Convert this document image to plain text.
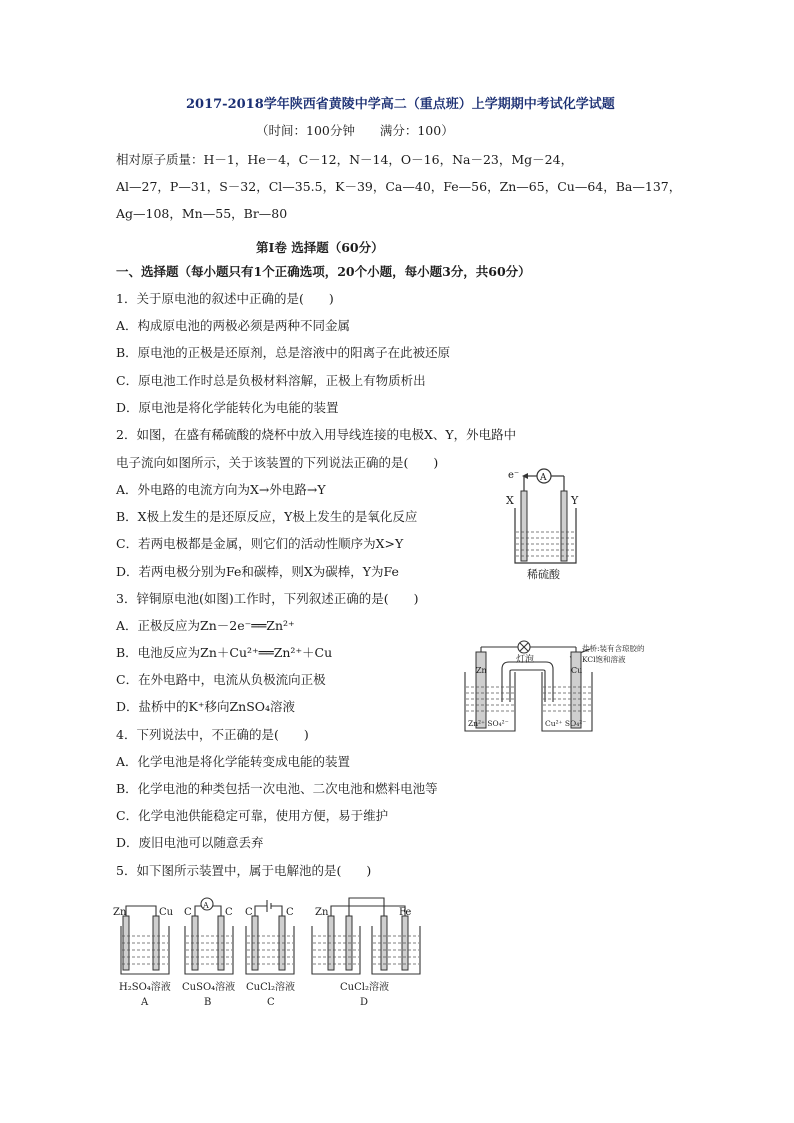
2017-2018学年陕西省黄陵中学高二（重点班）上学期期中考试化学试题
（时间：100分钟　　满分：100）
相对原子质量：H－1，He－4，C－12，N－14，O－16，Na－23，Mg－24，
Al—27，P—31，S－32，Cl—35.5，K－39，Ca—40，Fe—56，Zn—65，Cu—64，Ba—137，
Ag—108，Mn—55，Br—80
第Ⅰ卷 选择题（60分）
一、选择题（每小题只有1个正确选项，20个小题，每小题3分，共60分）
1．关于原电池的叙述中正确的是(　　)
A．构成原电池的两极必须是两种不同金属
B．原电池的正极是还原剂，总是溶液中的阳离子在此被还原
C．原电池工作时总是负极材料溶解，正极上有物质析出
D．原电池是将化学能转化为电能的装置
2．如图，在盛有稀硫酸的烧杯中放入用导线连接的电极X、Y，外电路中
电子流向如图所示，关于该装置的下列说法正确的是(　　)
A．外电路的电流方向为X→外电路→Y
B．X极上发生的是还原反应，Y极上发生的是氧化反应
C．若两电极都是金属，则它们的活动性顺序为X>Y
D．若两电极分别为Fe和碳棒，则X为碳棒，Y为Fe
3．锌铜原电池(如图)工作时，下列叙述正确的是(　　)
A．正极反应为Zn－2e⁻══Zn²⁺
B．电池反应为Zn＋Cu²⁺══Zn²⁺＋Cu
C．在外电路中，电流从负极流向正极
D．盐桥中的K⁺移向ZnSO₄溶液
4．下列说法中，不正确的是(　　)
A．化学电池是将化学能转变成电能的装置
B．化学电池的种类包括一次电池、二次电池和燃料电池等
C．化学电池供能稳定可靠，使用方便，易于维护
D．废旧电池可以随意丢弃
5．如下图所示装置中，属于电解池的是(　　)
e⁻ A
X	Y
稀硫酸
灯泡
Zn	Cu
盐桥:装有含琼胶的
KCl饱和溶液
Zn²⁺ SO₄²⁻	Cu²⁺ SO₄²⁻
Zn	Cu
A
C	C C	C Zn	Fe
H₂SO₄溶液 CuSO₄溶液 CuCl₂溶液	CuCl₂溶液
A	B	C	D
